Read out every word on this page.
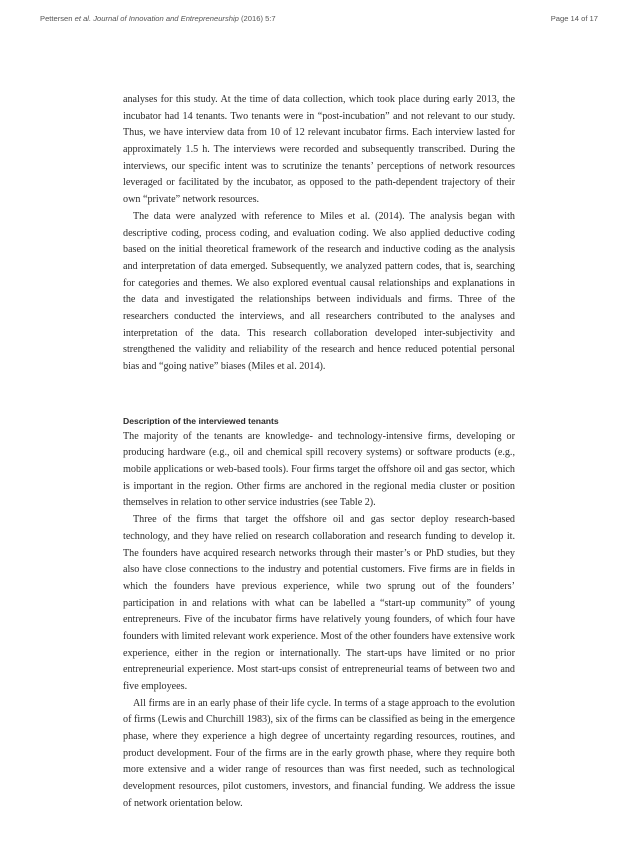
Pettersen et al. Journal of Innovation and Entrepreneurship (2016) 5:7	Page 14 of 17

analyses for this study. At the time of data collection, which took place during early 2013, the incubator had 14 tenants. Two tenants were in “post-incubation” and not relevant to our study. Thus, we have interview data from 10 of 12 relevant incubator firms. Each interview lasted for approximately 1.5 h. The interviews were recorded and subsequently transcribed. During the interviews, our specific intent was to scrutinize the tenants’ perceptions of network resources leveraged or facilitated by the incubator, as opposed to the path-dependent trajectory of their own “private” network resources.

The data were analyzed with reference to Miles et al. (2014). The analysis began with descriptive coding, process coding, and evaluation coding. We also applied deductive coding based on the initial theoretical framework of the research and inductive coding as the analysis and interpretation of data emerged. Subsequently, we analyzed pattern codes, that is, searching for categories and themes. We also explored eventual causal relationships and explanations in the data and investigated the relationships between individuals and firms. Three of the researchers conducted the interviews, and all researchers contributed to the analyses and interpretation of the data. This research collaboration developed inter-subjectivity and strengthened the validity and reliability of the research and hence reduced potential personal bias and “going native” biases (Miles et al. 2014).

Description of the interviewed tenants

The majority of the tenants are knowledge- and technology-intensive firms, developing or producing hardware (e.g., oil and chemical spill recovery systems) or software products (e.g., mobile applications or web-based tools). Four firms target the offshore oil and gas sector, which is important in the region. Other firms are anchored in the regional media cluster or position themselves in relation to other service industries (see Table 2).

Three of the firms that target the offshore oil and gas sector deploy research-based technology, and they have relied on research collaboration and research funding to develop it. The founders have acquired research networks through their master’s or PhD studies, but they also have close connections to the industry and potential customers. Five firms are in fields in which the founders have previous experience, while two sprung out of the founders’ participation in and relations with what can be labelled a “start-up community” of young entrepreneurs. Five of the incubator firms have relatively young founders, of which four have founders with limited relevant work experience. Most of the other founders have extensive work experience, either in the region or internationally. The start-ups have limited or no prior entrepreneurial experience. Most start-ups consist of entrepreneurial teams of between two and five employees.

All firms are in an early phase of their life cycle. In terms of a stage approach to the evolution of firms (Lewis and Churchill 1983), six of the firms can be classified as being in the emergence phase, where they experience a high degree of uncertainty regarding resources, routines, and product development. Four of the firms are in the early growth phase, where they require both more extensive and a wider range of resources than was first needed, such as technological development resources, pilot customers, investors, and financial funding. We address the issue of network orientation below.
